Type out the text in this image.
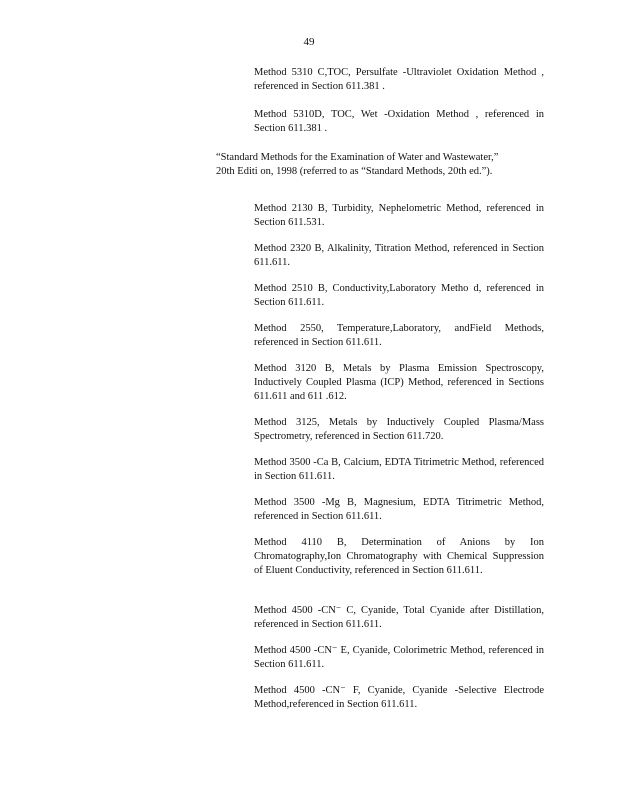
49

Method 5310 C,TOC, Persulfate -Ultraviolet Oxidation Method , referenced in Section 611.381 .

Method 5310D, TOC, Wet -Oxidation Method , referenced in Section 611.381 .

“Standard Methods for the Examination of Water and Wastewater,” 20th Editi on, 1998 (referred to as “Standard Methods, 20th ed.”).

Method 2130 B, Turbidity, Nephelometric Method, referenced in Section 611.531.

Method 2320 B, Alkalinity, Titration Method, referenced in Section 611.611.

Method 2510 B, Conductivity,Laboratory Metho d, referenced in Section 611.611.

Method 2550, Temperature,Laboratory, andField Methods, referenced in Section 611.611.

Method 3120 B, Metals by Plasma Emission Spectroscopy, Inductively Coupled Plasma (ICP) Method, referenced in Sections 611.611 and 611 .612.

Method 3125, Metals by Inductively Coupled Plasma/Mass Spectrometry, referenced in Section 611.720.

Method 3500 -Ca B, Calcium, EDTA Titrimetric Method, referenced in Section 611.611.

Method 3500 -Mg B, Magnesium, EDTA Titrimetric Method, referenced in Section 611.611.

Method 4110 B, Determination of Anions by Ion Chromatography,Ion Chromatography with Chemical Suppression of Eluent Conductivity, referenced in Section 611.611.

Method 4500 -CN⁻ C, Cyanide, Total Cyanide after Distillation, referenced in Section 611.611.

Method 4500 -CN⁻ E, Cyanide, Colorimetric Method, referenced in Section 611.611.

Method 4500 -CN⁻ F, Cyanide, Cyanide -Selective Electrode Method,referenced in Section 611.611.
